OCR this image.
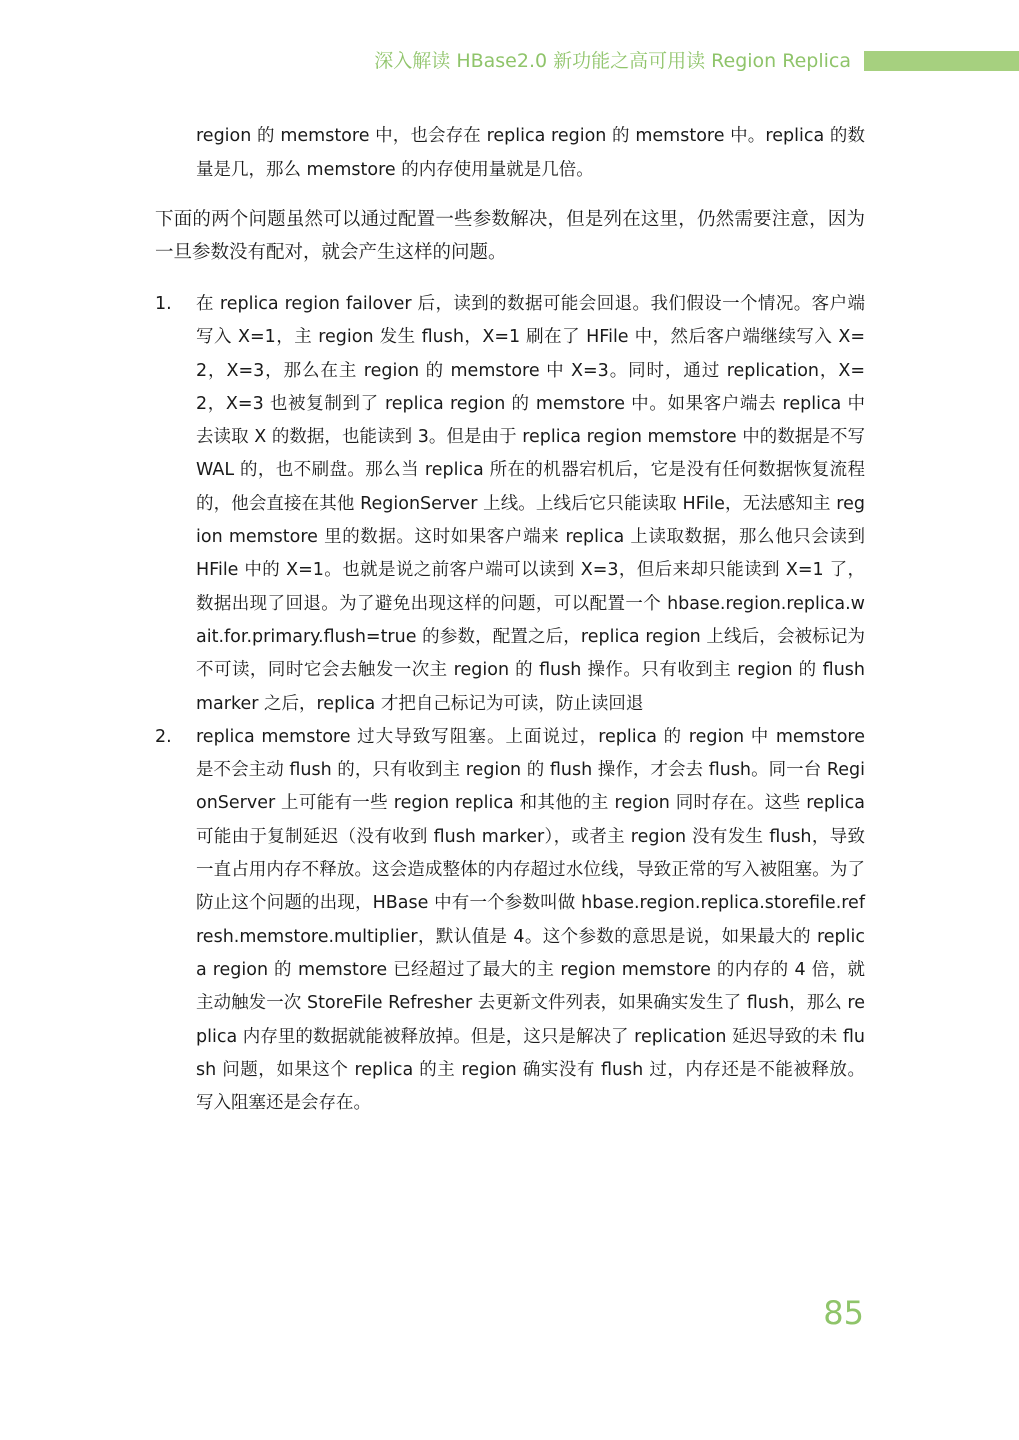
深入解读 HBase2.0 新功能之高可用读 Region Replica

region 的 memstore 中，也会存在 replica region 的 memstore 中。replica 的数量是几，那么 memstore 的内存使用量就是几倍。

下面的两个问题虽然可以通过配置一些参数解决，但是列在这里，仍然需要注意，因为一旦参数没有配对，就会产生这样的问题。

1. 在 replica region failover 后，读到的数据可能会回退。我们假设一个情况。客户端写入 X=1，主 region 发生 flush，X=1 刷在了 HFile 中，然后客户端继续写入 X=2，X=3，那么在主 region 的 memstore 中 X=3。同时，通过 replication，X=2，X=3 也被复制到了 replica region 的 memstore 中。如果客户端去 replica 中去读取 X 的数据，也能读到 3。但是由于 replica region memstore 中的数据是不写 WAL 的，也不刷盘。那么当 replica 所在的机器宕机后，它是没有任何数据恢复流程的，他会直接在其他 RegionServer 上线。上线后它只能读取 HFile，无法感知主 region memstore 里的数据。这时如果客户端来 replica 上读取数据，那么他只会读到 HFile 中的 X=1。也就是说之前客户端可以读到 X=3，但后来却只能读到 X=1 了，数据出现了回退。为了避免出现这样的问题，可以配置一个 hbase.region.replica.wait.for.primary.flush=true 的参数，配置之后，replica region 上线后，会被标记为不可读，同时它会去触发一次主 region 的 flush 操作。只有收到主 region 的 flush marker 之后，replica 才把自己标记为可读，防止读回退

2. replica memstore 过大导致写阻塞。上面说过，replica 的 region 中 memstore 是不会主动 flush 的，只有收到主 region 的 flush 操作，才会去 flush。同一台 RegionServer 上可能有一些 region replica 和其他的主 region 同时存在。这些 replica 可能由于复制延迟（没有收到 flush marker），或者主 region 没有发生 flush，导致一直占用内存不释放。这会造成整体的内存超过水位线，导致正常的写入被阻塞。为了防止这个问题的出现，HBase 中有一个参数叫做 hbase.region.replica.storefile.refresh.memstore.multiplier，默认值是 4。这个参数的意思是说，如果最大的 replica region 的 memstore 已经超过了最大的主 region memstore 的内存的 4 倍，就主动触发一次 StoreFile Refresher 去更新文件列表，如果确实发生了 flush，那么 replica 内存里的数据就能被释放掉。但是，这只是解决了 replication 延迟导致的未 flush 问题，如果这个 replica 的主 region 确实没有 flush 过，内存还是不能被释放。写入阻塞还是会存在。

85
